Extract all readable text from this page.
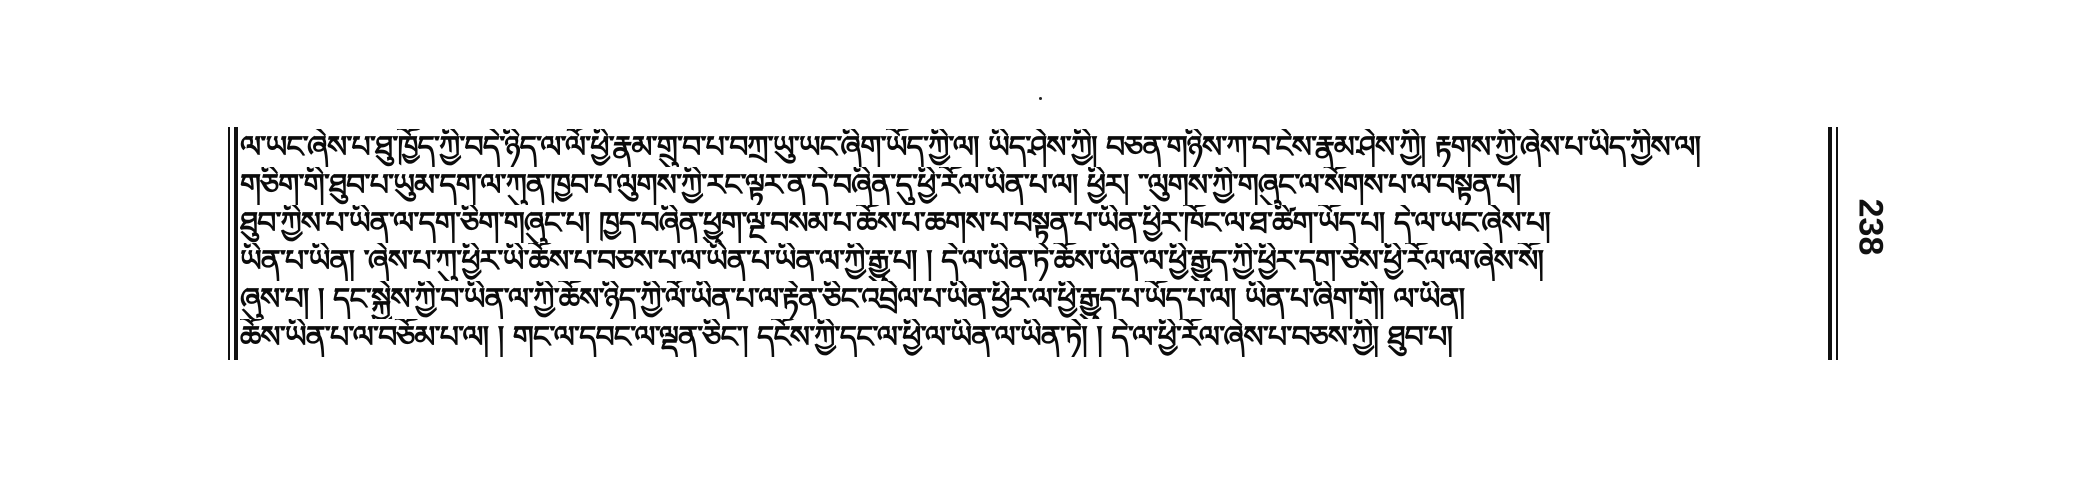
ལ་ཡང་ཞེས་པ་ཐུ་ཁྱོད་ཀྱི་བདེ་ཉིད་ལ་ལོ་ཕྱི་རྣམ་གྲུ་བ་པ་བཀྲ་ཡུ་ཡང་ཞིག་ཡོད་ཀྱི་ལ། ཡིད་ཤེས་ཀྱི། བཅན་གཉིས་ཀ་བ་ངེས་རྣམ་ཤེས་ཀྱི། རྟགས་ཀྱི་ཞེས་པ་ཡིད་ཀྱིས་ལ།
གཅིག་གི་ཐུབ་པ་ཡུམ་དག་ལ་ཀུན་ཁྱབ་པ་ལུགས་ཀྱི་རང་ལྟར་ན་དེ་བཞིན་དུ་ཕྱི་རོལ་ཡིན་པ་ལ། ཕྱིར། ་་ལུགས་ཀྱི་གཞུང་ལ་སོགས་པ་ལ་བསྟན་པ།
ཐུབ་ཀྱིས་པ་ཡིན་ལ་དག་ཅིག་གཞུང་པ། ཁྱད་བཞིན་ཕྱུག་ལྔ་བསམ་པ་ཆོས་པ་ཆགས་པ་བསྟན་པ་ཡིན་ཕྱིར་ཁོང་ལ་ཐ་ཚིག་ཡོད་པ། དེ་ལ་ཡང་ཞེས་པ།
ཡིན་པ་ཡིན། ་ཞེས་པ་ཀུ་ཕྱིར་ཡི་ཆོས་པ་བཅས་པ་ལ་ཡིན་པ་ཡིན་ལ་ཀྱི་རྒྱུ་པ། ། དེ་ལ་ཡིན་ཏེ་ཆོས་ཡིན་ལ་ཕྱི་རྒྱུད་ཀྱི་ཕྱིར་དག་ཅེས་ཕྱི་རོལ་ལ་ཞེས་སོ།
ཞུས་པ། ། དང་སྐྱེས་ཀྱི་བ་ཡིན་ལ་ཀྱི་ཆོས་ཉིད་ཀྱི་ལོ་ཡིན་པ་ལ་རྟེན་ཅིང་འབྲེལ་པ་ཡིན་ཕྱིར་ལ་ཕྱི་རྒྱུད་པ་ཡོད་པ་ལ། ཡིན་པ་ཞིག་གི། ལ་ཡིན།
ཆོས་ཡིན་པ་ལ་བཅོམ་པ་ལ། ། གང་ལ་དབང་ལ་ལྡན་ཅིང་། དངོས་ཀྱི་དང་ལ་ཕྱི་ལ་ཡིན་ལ་ཡིན་ཏེ། ། དེ་ལ་ཕྱི་རོལ་ཞེས་པ་བཅས་ཀྱི། ཐུབ་པ།
238
